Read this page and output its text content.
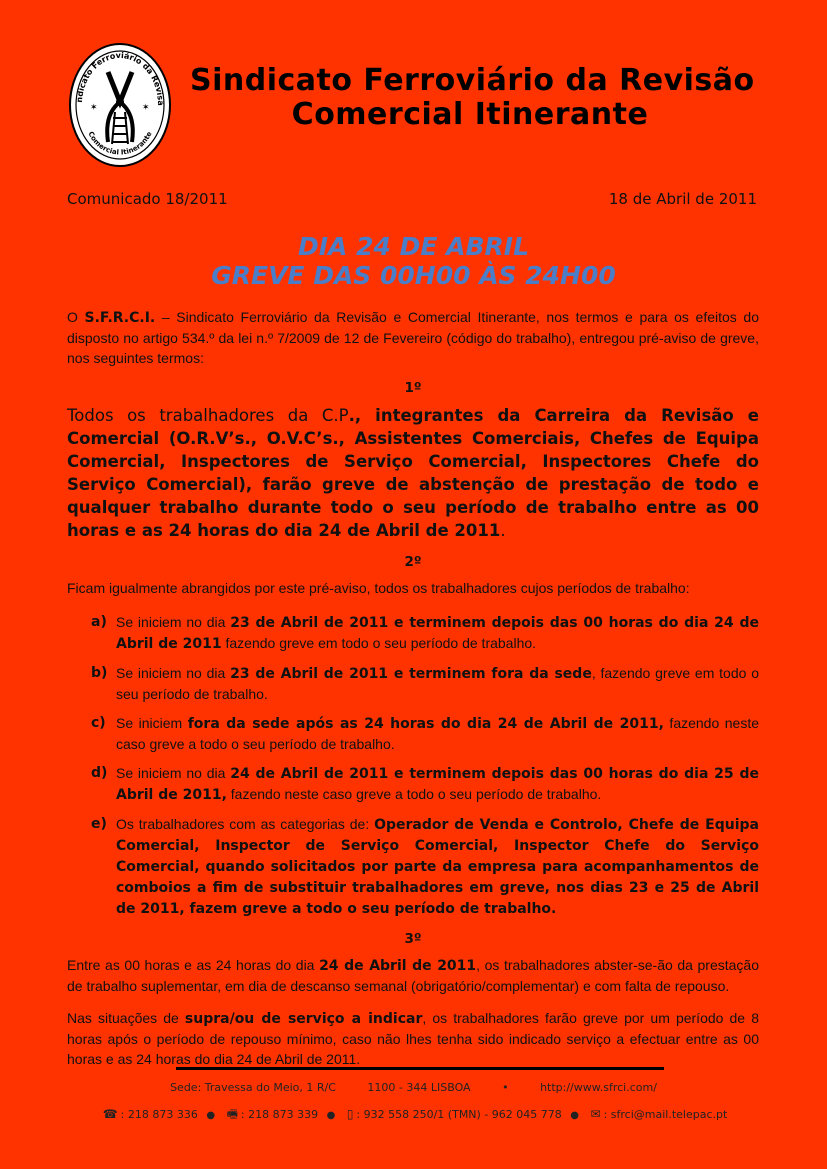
ndicato Ferroviário da Revisã
Comercial Itinerante
✶	✶
Sindicato Ferroviário da Revisão
Comercial Itinerante
Comunicado 18/2011	18 de Abril de 2011
DIA 24 DE ABRIL
GREVE DAS 00H00 ÀS 24H00

O S.F.R.C.I. – Sindicato Ferroviário da Revisão e Comercial Itinerante, nos termos e para os efeitos do disposto no artigo 534.º da lei n.º 7/2009 de 12 de Fevereiro (código do trabalho), entregou pré-aviso de greve, nos seguintes termos:

1º

Todos os trabalhadores da C.P., integrantes da Carreira da Revisão e Comercial (O.R.V’s., O.V.C’s., Assistentes Comerciais, Chefes de Equipa Comercial, Inspectores de Serviço Comercial, Inspectores Chefe do Serviço Comercial), farão greve de abstenção de prestação de todo e qualquer trabalho durante todo o seu período de trabalho entre as 00 horas e as 24 horas do dia 24 de Abril de 2011.

2º

Ficam igualmente abrangidos por este pré-aviso, todos os trabalhadores cujos períodos de trabalho:

a) Se iniciem no dia 23 de Abril de 2011 e terminem depois das 00 horas do dia 24 de Abril de 2011 fazendo greve em todo o seu período de trabalho.
b) Se iniciem no dia 23 de Abril de 2011 e terminem fora da sede, fazendo greve em todo o seu período de trabalho.
c) Se iniciem fora da sede após as 24 horas do dia 24 de Abril de 2011, fazendo neste caso greve a todo o seu período de trabalho.
d) Se iniciem no dia 24 de Abril de 2011 e terminem depois das 00 horas do dia 25 de Abril de 2011, fazendo neste caso greve a todo o seu período de trabalho.
e) Os trabalhadores com as categorias de: Operador de Venda e Controlo, Chefe de Equipa Comercial, Inspector de Serviço Comercial, Inspector Chefe do Serviço Comercial, quando solicitados por parte da empresa para acompanhamentos de comboios a fim de substituir trabalhadores em greve, nos dias 23 e 25 de Abril de 2011, fazem greve a todo o seu período de trabalho.

3º

Entre as 00 horas e as 24 horas do dia 24 de Abril de 2011, os trabalhadores abster-se-ão da prestação de trabalho suplementar, em dia de descanso semanal (obrigatório/complementar) e com falta de repouso.

Nas situações de supra/ou de serviço a indicar, os trabalhadores farão greve por um período de 8 horas após o período de repouso mínimo, caso não lhes tenha sido indicado serviço a efectuar entre as 00 horas e as 24 horas do dia 24 de Abril de 2011.

Sede: Travessa do Meio, 1 R/C	1100 - 344 LISBOA	•	http://www.sfrci.com/
☎ : 218 873 336 ● 🖷 : 218 873 339 ● ▯ : 932 558 250/1 (TMN) - 962 045 778 ● ✉ : sfrci@mail.telepac.pt
